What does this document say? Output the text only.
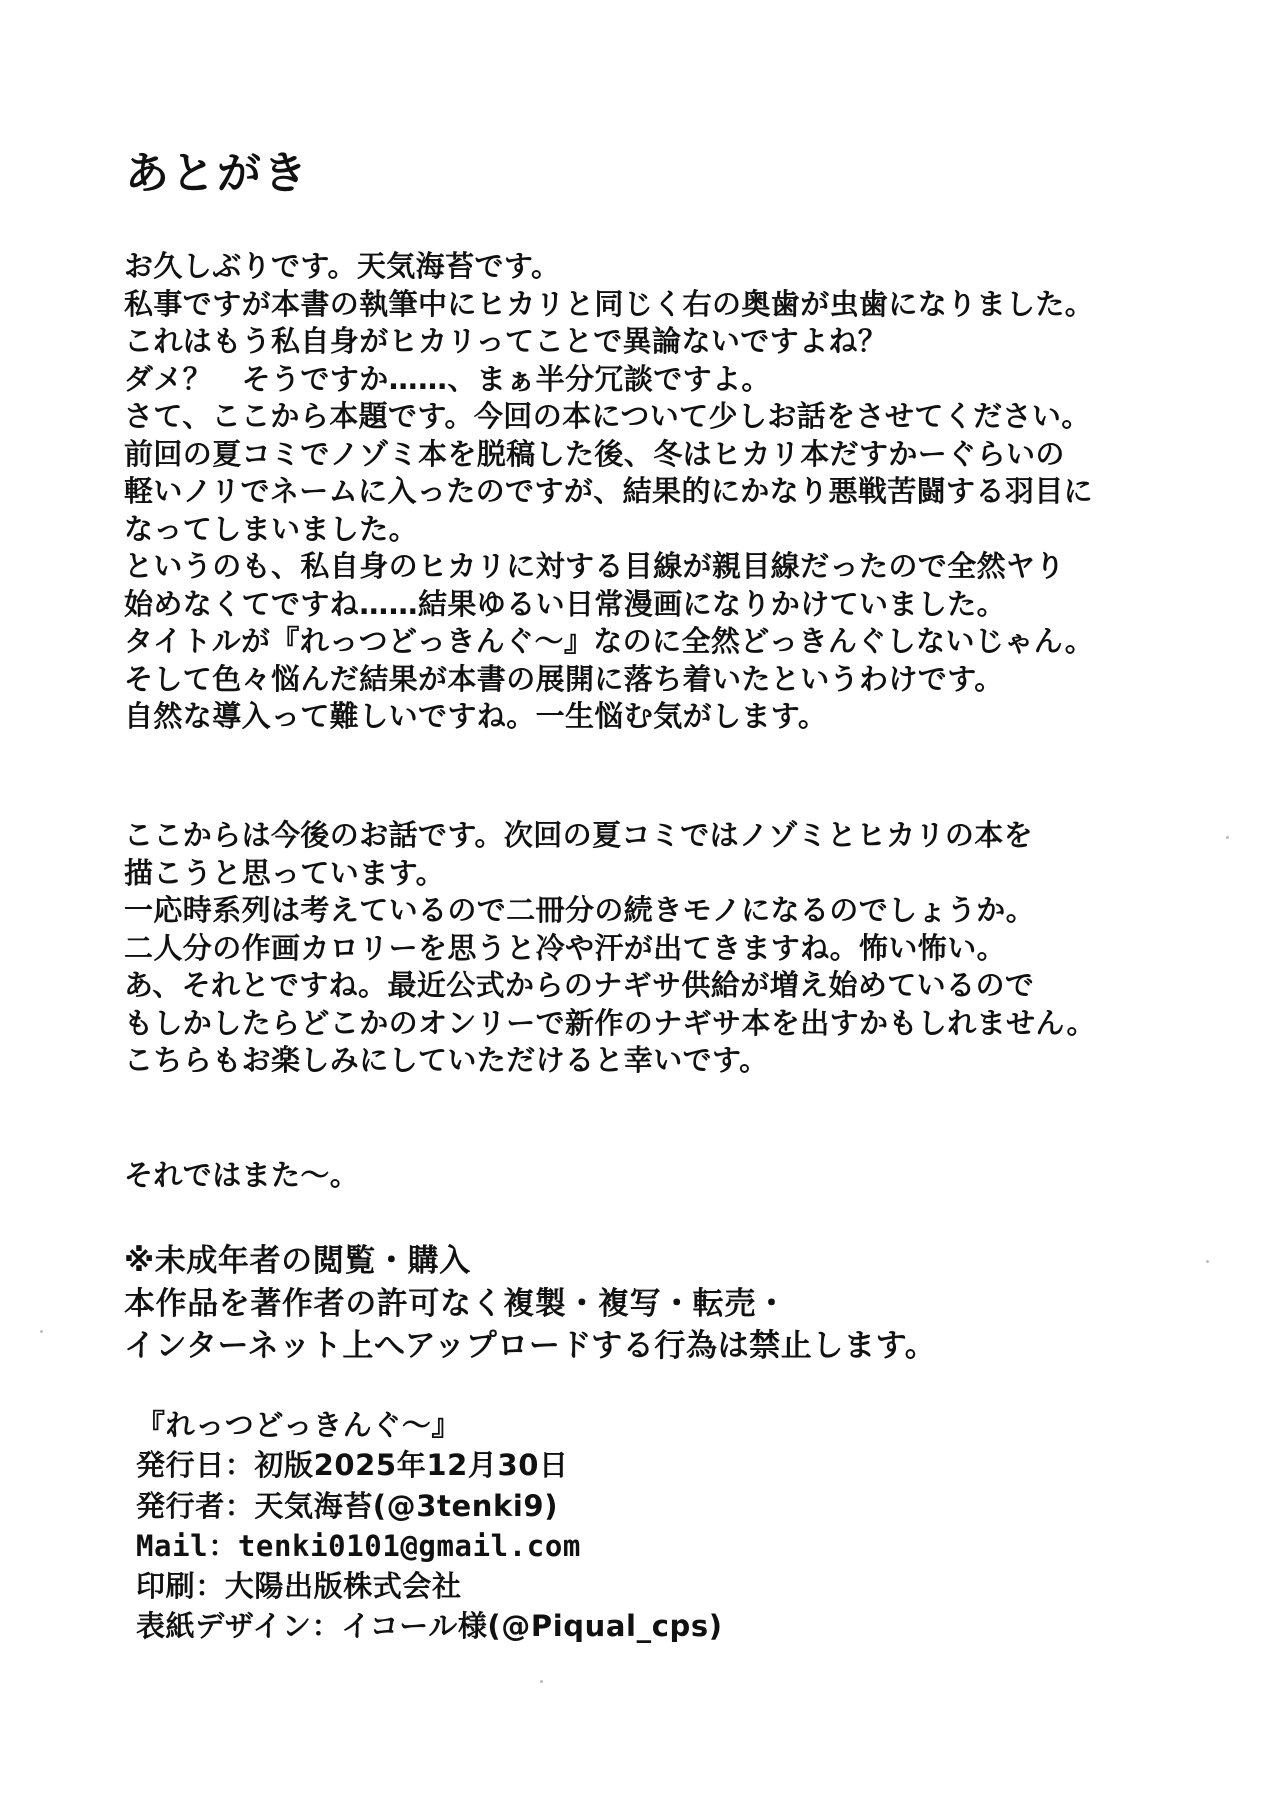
あとがき
お久しぶりです。天気海苔です。
私事ですが本書の執筆中にヒカリと同じく右の奥歯が虫歯になりました。
これはもう私自身がヒカリってことで異論ないですよね？
ダメ？　そうですか……、まぁ半分冗談ですよ。
さて、ここから本題です。今回の本について少しお話をさせてください。
前回の夏コミでノゾミ本を脱稿した後、冬はヒカリ本だすかーぐらいの
軽いノリでネームに入ったのですが、結果的にかなり悪戦苦闘する羽目に
なってしまいました。
というのも、私自身のヒカリに対する目線が親目線だったので全然ヤり
始めなくてですね……結果ゆるい日常漫画になりかけていました。
タイトルが『れっつどっきんぐ～』なのに全然どっきんぐしないじゃん。
そして色々悩んだ結果が本書の展開に落ち着いたというわけです。
自然な導入って難しいですね。一生悩む気がします。
ここからは今後のお話です。次回の夏コミではノゾミとヒカリの本を
描こうと思っています。
一応時系列は考えているので二冊分の続きモノになるのでしょうか。
二人分の作画カロリーを思うと冷や汗が出てきますね。怖い怖い。
あ、それとですね。最近公式からのナギサ供給が増え始めているので
もしかしたらどこかのオンリーで新作のナギサ本を出すかもしれません。
こちらもお楽しみにしていただけると幸いです。
それではまた～。
※未成年者の閲覧・購入
本作品を著作者の許可なく複製・複写・転売・
インターネット上へアップロードする行為は禁止します。
『れっつどっきんぐ～』
発行日：初版2025年12月30日
発行者：天気海苔(@3tenki9)
Mail：tenki0101@gmail.com
印刷：大陽出版株式会社
表紙デザイン：イコール様(@Piqual_cps)
